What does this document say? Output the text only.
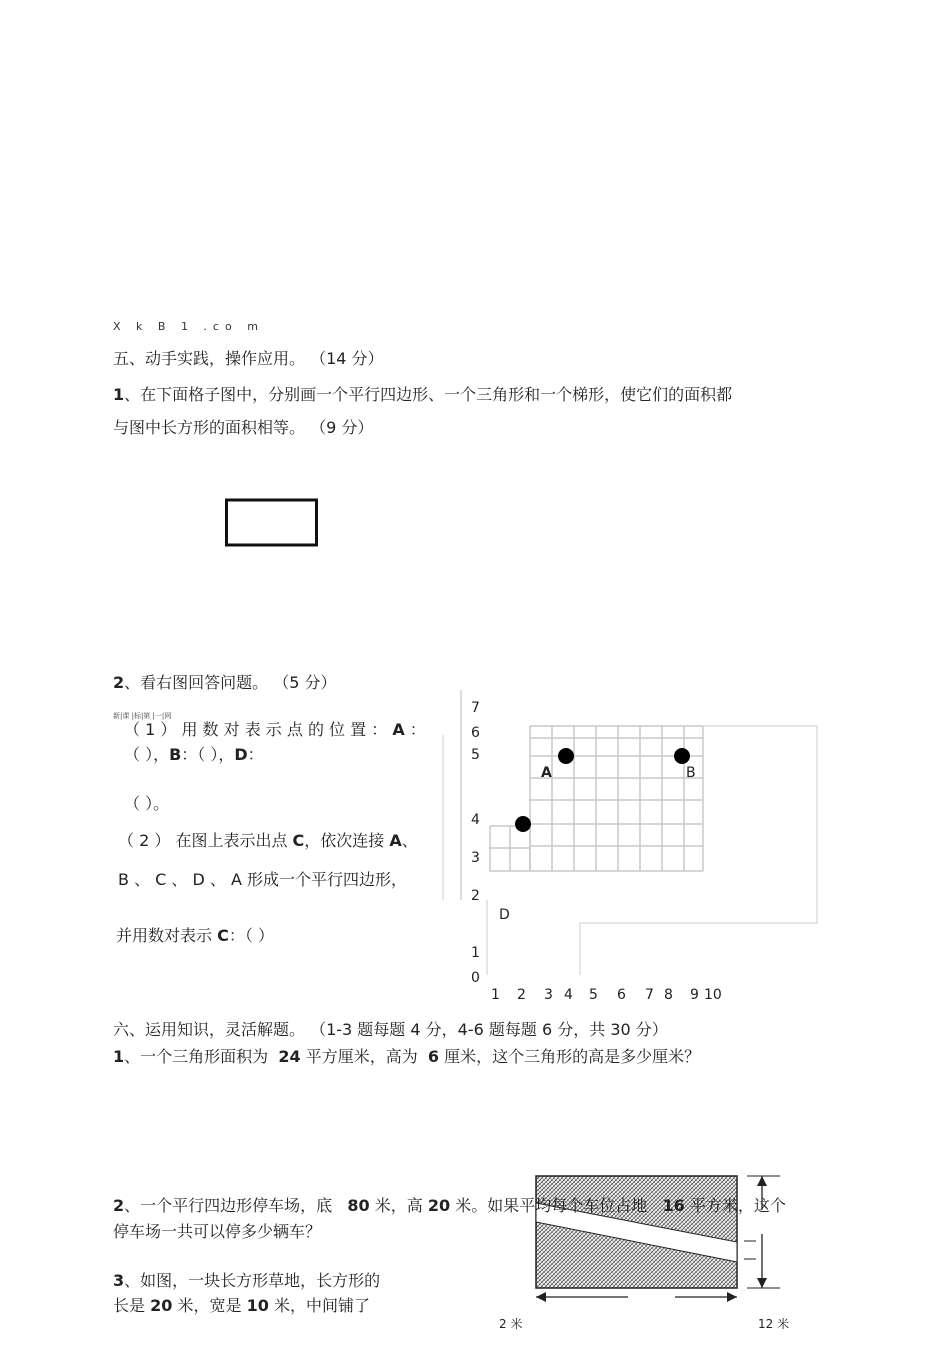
X k B 1 .co m
五、动手实践，操作应用。 （14 分）
1、在下面格子图中，分别画一个平行四边形、一个三角形和一个梯形，使它们的面积都
与图中长方形的面积相等。 （9 分）
7
6
5
4
3
2
1
0
1 2 3 4 5 6 7 8 9 10
A	B
D
2、看右图回答问题。 （5 分）
新|课 |标|第 |一|网
（ 1 ） 用 数 对 表 示 点 的 位 置 ： A ：
（ ），B：（ ），D：
（ ）。
（ 2 ） 在图上表示出点 C，依次连接 A、
B 、 C 、 D 、 A 形成一个平行四边形，
并用数对表示 C：（ ）
六、运用知识，灵活解题。 （1-3 题每题 4 分，4-6 题每题 6 分，共 30 分）
1、一个三角形面积为 24 平方厘米，高为 6 厘米，这个三角形的高是多少厘米？
2、一个平行四边形停车场，底 80 米，高 20 米。如果平均每个车位占地 16 平方米，这个
停车场一共可以停多少辆车？
3、如图，一块长方形草地，长方形的
长是 20 米，宽是 10 米，中间铺了
2 米	12 米
